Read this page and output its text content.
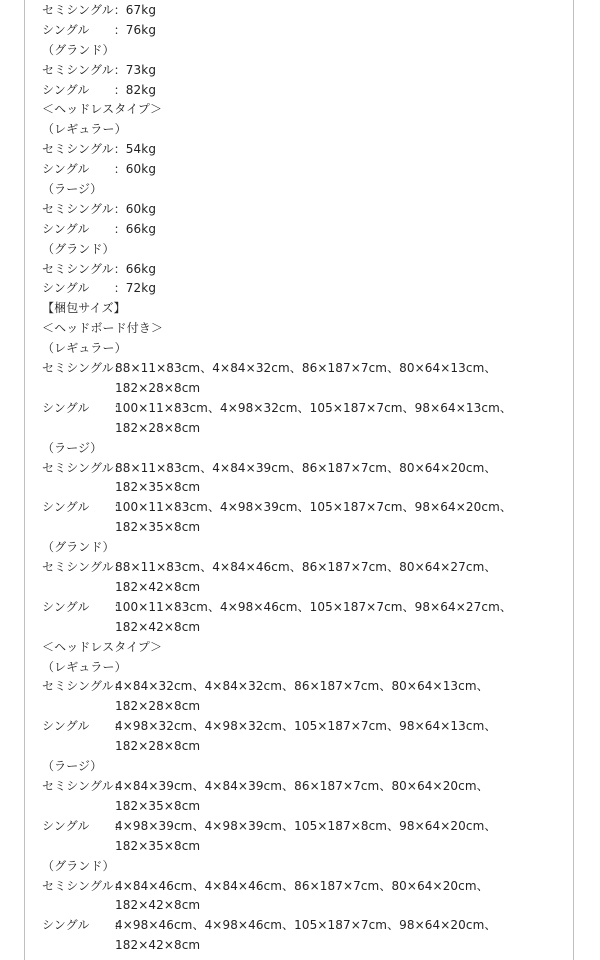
セミシングル：67kg
シングル　　：76kg
（グランド）
セミシングル：73kg
シングル　　：82kg
＜ヘッドレスタイプ＞
（レギュラー）
セミシングル：54kg
シングル　　：60kg
（ラージ）
セミシングル：60kg
シングル　　：66kg
（グランド）
セミシングル：66kg
シングル　　：72kg
【梱包サイズ】
＜ヘッドボード付き＞
（レギュラー）
セミシングル：
88×11×83cm、4×84×32cm、86×187×7cm、80×64×13cm、
182×28×8cm
シングル　　：
100×11×83cm、4×98×32cm、105×187×7cm、98×64×13cm、
182×28×8cm
（ラージ）
セミシングル：
88×11×83cm、4×84×39cm、86×187×7cm、80×64×20cm、
182×35×8cm
シングル　　：
100×11×83cm、4×98×39cm、105×187×7cm、98×64×20cm、
182×35×8cm
（グランド）
セミシングル：
88×11×83cm、4×84×46cm、86×187×7cm、80×64×27cm、
182×42×8cm
シングル　　：
100×11×83cm、4×98×46cm、105×187×7cm、98×64×27cm、
182×42×8cm
＜ヘッドレスタイプ＞
（レギュラー）
セミシングル：
4×84×32cm、4×84×32cm、86×187×7cm、80×64×13cm、
182×28×8cm
シングル　　：
4×98×32cm、4×98×32cm、105×187×7cm、98×64×13cm、
182×28×8cm
（ラージ）
セミシングル：
4×84×39cm、4×84×39cm、86×187×7cm、80×64×20cm、
182×35×8cm
シングル　　：
4×98×39cm、4×98×39cm、105×187×8cm、98×64×20cm、
182×35×8cm
（グランド）
セミシングル：
4×84×46cm、4×84×46cm、86×187×7cm、80×64×20cm、
182×42×8cm
シングル　　：
4×98×46cm、4×98×46cm、105×187×7cm、98×64×20cm、
182×42×8cm
